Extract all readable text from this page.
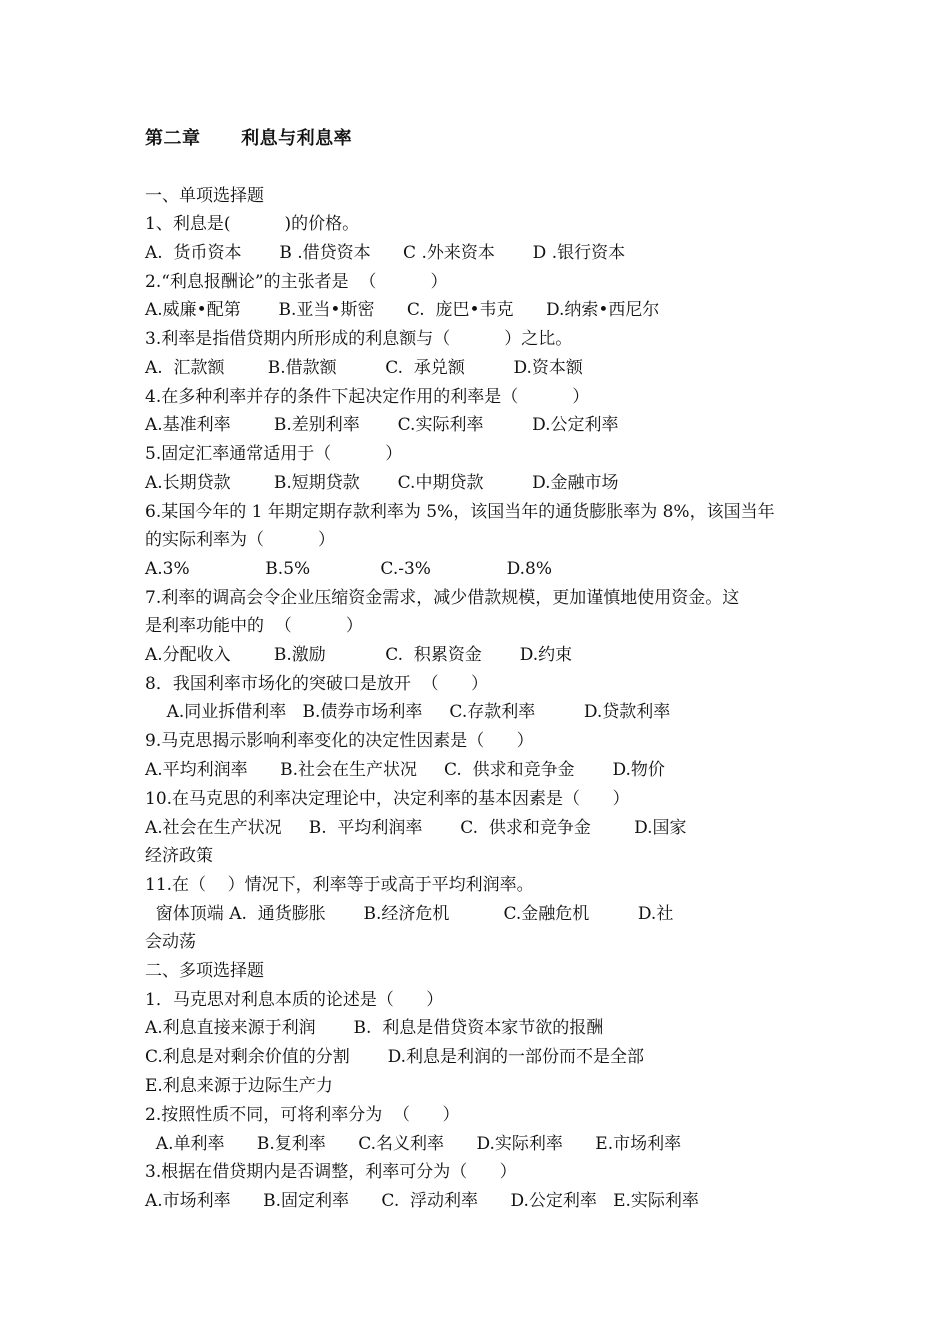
第二章      利息与利息率
一、单项选择题
1、利息是(          )的价格。
A.  货币资本       B .借贷资本      C .外来资本       D .银行资本
2.“利息报酬论”的主张者是  （          ）
A.威廉•配第       B.亚当•斯密      C.  庞巴•韦克      D.纳索•西尼尔
3.利率是指借贷期内所形成的利息额与（          ）之比。
A.  汇款额        B.借款额         C.  承兑额         D.资本额
4.在多种利率并存的条件下起决定作用的利率是（          ）
A.基准利率        B.差别利率       C.实际利率         D.公定利率
5.固定汇率通常适用于（          ）
A.长期贷款        B.短期贷款       C.中期贷款         D.金融市场
6.某国今年的 1 年期定期存款利率为 5%，该国当年的通货膨胀率为 8%，该国当年
的实际利率为（          ）
A.3%              B.5%             C.-3%              D.8%
7.利率的调高会令企业压缩资金需求，减少借款规模，更加谨慎地使用资金。这
是利率功能中的  （          ）
A.分配收入        B.激励           C.  积累资金       D.约束
8．我国利率市场化的突破口是放开  （      ）
A.同业拆借利率   B.债券市场利率     C.存款利率         D.贷款利率
9.马克思揭示影响利率变化的决定性因素是（      ）
A.平均利润率      B.社会在生产状况     C.  供求和竞争金       D.物价
10.在马克思的利率决定理论中，决定利率的基本因素是（      ）
A.社会在生产状况     B.  平均利润率       C.  供求和竞争金        D.国家
经济政策
11.在（    ）情况下，利率等于或高于平均利润率。
窗体顶端 A.  通货膨胀       B.经济危机          C.金融危机         D.社
会动荡
二、多项选择题
1．马克思对利息本质的论述是（      ）
A.利息直接来源于利润       B.  利息是借贷资本家节欲的报酬
C.利息是对剩余价值的分割       D.利息是利润的一部份而不是全部
E.利息来源于边际生产力
2.按照性质不同，可将利率分为  （      ）
A.单利率      B.复利率      C.名义利率      D.实际利率      E.市场利率
3.根据在借贷期内是否调整，利率可分为（      ）
A.市场利率      B.固定利率      C.  浮动利率      D.公定利率   E.实际利率
